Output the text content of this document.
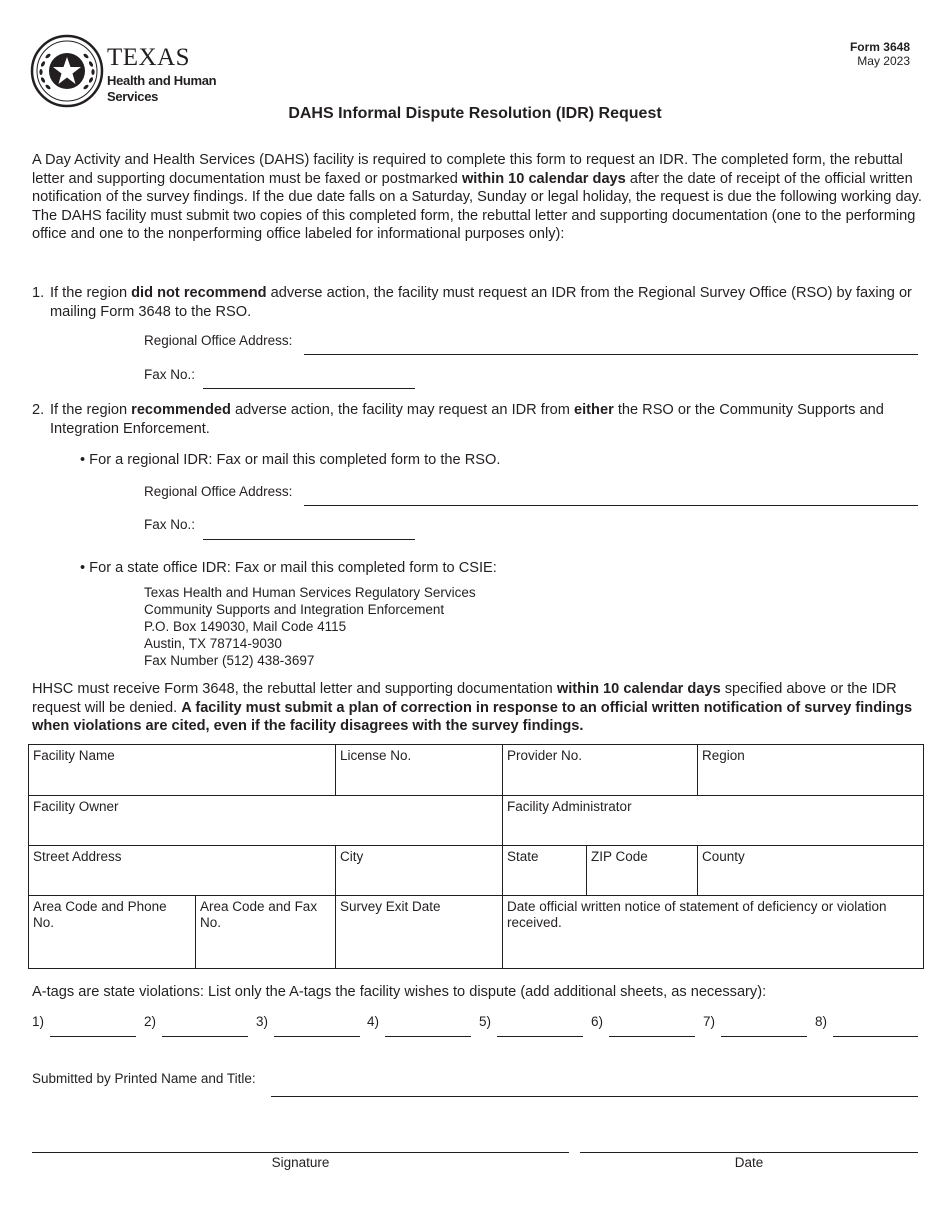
TEXAS
Health and Human
Services
Form 3648
May 2023
DAHS Informal Dispute Resolution (IDR) Request

A Day Activity and Health Services (DAHS) facility is required to complete this form to request an IDR. The completed form, the rebuttal letter and supporting documentation must be faxed or postmarked within 10 calendar days after the date of receipt of the official written notification of the survey findings. If the due date falls on a Saturday, Sunday or legal holiday, the request is due the following working day. The DAHS facility must submit two copies of this completed form, the rebuttal letter and supporting documentation (one to the performing office and one to the nonperforming office labeled for informational purposes only):

1. If the region did not recommend adverse action, the facility must request an IDR from the Regional Survey Office (RSO) by faxing or mailing Form 3648 to the RSO.

Regional Office Address:
Fax No.:
2. If the region recommended adverse action, the facility may request an IDR from either the RSO or the Community Supports and Integration Enforcement.

• For a regional IDR: Fax or mail this completed form to the RSO.
Regional Office Address:
Fax No.:
• For a state office IDR: Fax or mail this completed form to CSIE:
Texas Health and Human Services Regulatory Services
Community Supports and Integration Enforcement
P.O. Box 149030, Mail Code 4115
Austin, TX 78714-9030
Fax Number (512) 438-3697

HHSC must receive Form 3648, the rebuttal letter and supporting documentation within 10 calendar days specified above or the IDR request will be denied. A facility must submit a plan of correction in response to an official written notification of survey findings when violations are cited, even if the facility disagrees with the survey findings.

Facility Name		License No.	Provider No.		Region
Facility Owner			Facility Administrator		
Street Address		City	State	ZIP Code	County
Area Code and Phone No.	Area Code and Fax No.	Survey Exit Date	Date official written notice of statement of deficiency or violation received.		
A-tags are state violations: List only the A-tags the facility wishes to dispute (add additional sheets, as necessary):
1)	2)	3)	4)	5)	6)	7)	8)
Submitted by Printed Name and Title:
Signature	Date
